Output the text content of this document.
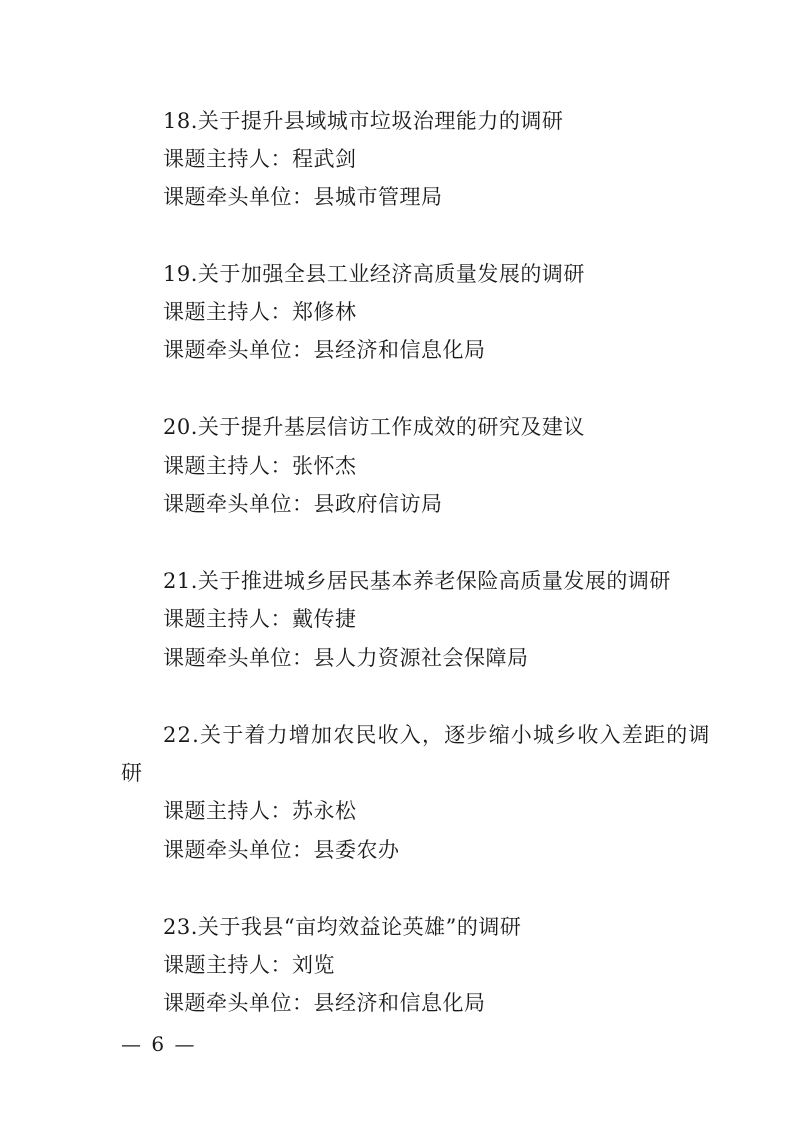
18.关于提升县域城市垃圾治理能力的调研
课题主持人：程武剑
课题牵头单位：县城市管理局
19.关于加强全县工业经济高质量发展的调研
课题主持人：郑修林
课题牵头单位：县经济和信息化局
20.关于提升基层信访工作成效的研究及建议
课题主持人：张怀杰
课题牵头单位：县政府信访局
21.关于推进城乡居民基本养老保险高质量发展的调研
课题主持人：戴传捷
课题牵头单位：县人力资源社会保障局
22.关于着力增加农民收入，逐步缩小城乡收入差距的调
研
课题主持人：苏永松
课题牵头单位：县委农办
23.关于我县“亩均效益论英雄”的调研
课题主持人：刘览
课题牵头单位：县经济和信息化局
— 6 —
